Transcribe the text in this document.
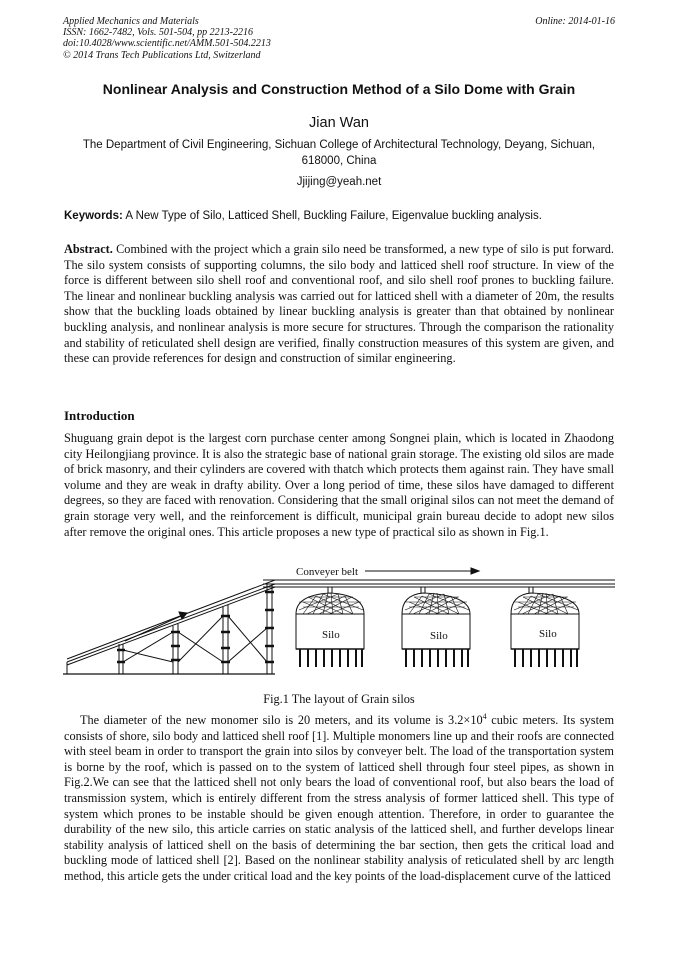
Applied Mechanics and Materials
ISSN: 1662-7482, Vols. 501-504, pp 2213-2216
doi:10.4028/www.scientific.net/AMM.501-504.2213
© 2014 Trans Tech Publications Ltd, Switzerland
Online: 2014-01-16
Nonlinear Analysis and Construction Method of a Silo Dome with Grain
Jian Wan
The Department of Civil Engineering, Sichuan College of Architectural Technology, Deyang, Sichuan, 618000, China
Jjijing@yeah.net
Keywords: A New Type of Silo, Latticed Shell, Buckling Failure, Eigenvalue buckling analysis.
Abstract. Combined with the project which a grain silo need be transformed, a new type of silo is put forward. The silo system consists of supporting columns, the silo body and latticed shell roof structure. In view of the force is different between silo shell roof and conventional roof, and silo shell roof prones to buckling failure. The linear and nonlinear buckling analysis was carried out for latticed shell with a diameter of 20m, the results show that the buckling loads obtained by linear buckling analysis is greater than that obtained by nonlinear buckling analysis, and nonlinear analysis is more secure for structures. Through the comparison the rationality and stability of reticulated shell design are verified, finally construction measures of this system are given, and these can provide references for design and construction of similar engineering.
Introduction
Shuguang grain depot is the largest corn purchase center among Songnei plain, which is located in Zhaodong city Heilongjiang province. It is also the strategic base of national grain storage. The existing old silos are made of brick masonry, and their cylinders are covered with thatch which protects them against rain. They have small volume and they are weak in drafty ability. Over a long period of time, these silos have damaged to different degrees, so they are faced with renovation. Considering that the small original silos can not meet the demand of grain storage very well, and the reinforcement is difficult, municipal grain bureau decide to adopt new silos after remove the original ones. This article proposes a new type of practical silo as shown in Fig.1.
Conveyer belt
Silo	Silo	Silo
Fig.1 The layout of Grain silos
The diameter of the new monomer silo is 20 meters, and its volume is $3.2\times 10^4$ cubic meters. Its system consists of shore, silo body and latticed shell roof [1]. Multiple monomers line up and their roofs are connected with steel beam in order to transport the grain into silos by conveyer belt. The load of the transportation system is borne by the roof, which is passed on to the system of latticed shell through four steel pipes, as shown in Fig.2.We can see that the latticed shell not only bears the load of conventional roof, but also bears the load of transmission system, which is entirely different from the stress analysis of former latticed shell. This type of system which prones to be instable should be given enough attention. Therefore, in order to guarantee the durability of the new silo, this article carries on static analysis of the latticed shell, and further develops linear stability analysis of latticed shell on the basis of determining the bar section, then gets the critical load and buckling mode of latticed shell [2]. Based on the nonlinear stability analysis of reticulated shell by arc length method, this article gets the under critical load and the key points of the load-displacement curve of the latticed
